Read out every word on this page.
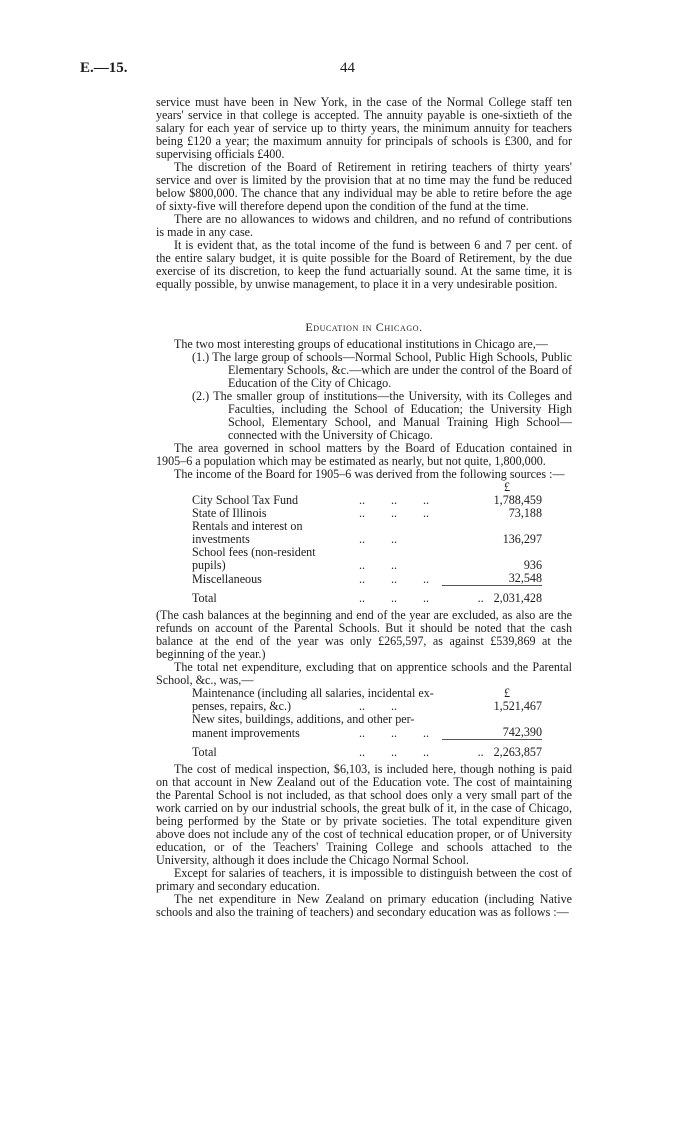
E.—15.	44

service must have been in New York, in the case of the Normal College staff ten years' service in that college is accepted. The annuity payable is one-sixtieth of the salary for each year of service up to thirty years, the minimum annuity for teachers being £120 a year; the maximum annuity for principals of schools is £300, and for supervising officials £400.

The discretion of the Board of Retirement in retiring teachers of thirty years' service and over is limited by the provision that at no time may the fund be reduced below $800,000. The chance that any individual may be able to retire before the age of sixty-five will therefore depend upon the condition of the fund at the time.

There are no allowances to widows and children, and no refund of contributions is made in any case.

It is evident that, as the total income of the fund is between 6 and 7 per cent. of the entire salary budget, it is quite possible for the Board of Retirement, by the due exercise of its discretion, to keep the fund actuarially sound. At the same time, it is equally possible, by unwise management, to place it in a very undesirable position.

Education in Chicago.

The two most interesting groups of educational institutions in Chicago are,—

(1.) The large group of schools—Normal School, Public High Schools, Public Elementary Schools, &c.—which are under the control of the Board of Education of the City of Chicago.
(2.) The smaller group of institutions—the University, with its Colleges and Faculties, including the School of Education; the University High School, Elementary School, and Manual Training High School—connected with the University of Chicago.

The area governed in school matters by the Board of Education contained in 1905–6 a population which may be estimated as nearly, but not quite, 1,800,000.

The income of the Board for 1905–6 was derived from the following sources :—

				£
City School Tax Fund	..	..	..	1,788,459
State of Illinois	..	..	..	73,188
Rentals and interest on investments	..	..		136,297
School fees (non-resident pupils)	..	..		936
Miscellaneous	..	..	..	32,548
Total	..	..	..	.. 2,031,428

(The cash balances at the beginning and end of the year are excluded, as also are the refunds on account of the Parental Schools. But it should be noted that the cash balance at the end of the year was only £265,597, as against £539,869 at the beginning of the year.)

The total net expenditure, excluding that on apprentice schools and the Parental School, &c., was,—

Maintenance (including all salaries, incidental ex-				£
penses, repairs, &c.)	..	..		1,521,467
New sites, buildings, additions, and other per-				
manent improvements	..	..	..	742,390
Total	..	..	..	.. 2,263,857

The cost of medical inspection, $6,103, is included here, though nothing is paid on that account in New Zealand out of the Education vote. The cost of maintaining the Parental School is not included, as that school does only a very small part of the work carried on by our industrial schools, the great bulk of it, in the case of Chicago, being performed by the State or by private societies. The total expenditure given above does not include any of the cost of technical education proper, or of University education, or of the Teachers' Training College and schools attached to the University, although it does include the Chicago Normal School.

Except for salaries of teachers, it is impossible to distinguish between the cost of primary and secondary education.

The net expenditure in New Zealand on primary education (including Native schools and also the training of teachers) and secondary education was as follows :—
